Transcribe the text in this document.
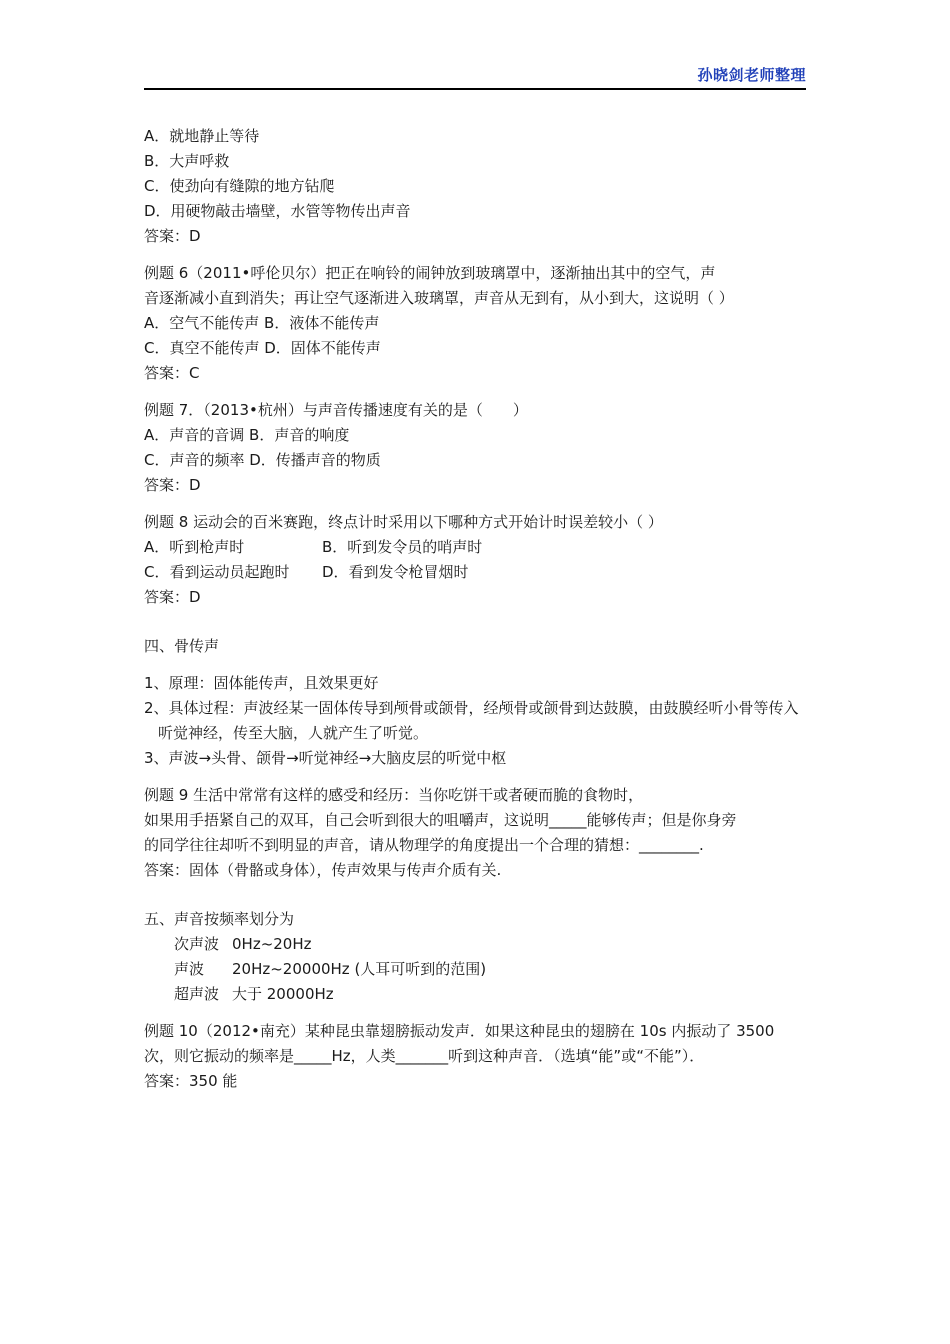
孙晓剑老师整理
A．就地静止等待
B．大声呼救
C．使劲向有缝隙的地方钻爬
D．用硬物敲击墙壁，水管等物传出声音
答案：D
例题 6（2011•呼伦贝尔）把正在响铃的闹钟放到玻璃罩中，逐渐抽出其中的空气，声
音逐渐减小直到消失；再让空气逐渐进入玻璃罩，声音从无到有，从小到大，这说明（ ）
A．空气不能传声 B．液体不能传声
C．真空不能传声 D．固体不能传声
答案：C
例题 7．（2013•杭州）与声音传播速度有关的是（　　）
A．声音的音调 B．声音的响度
C．声音的频率 D．传播声音的物质
答案：D
例题 8 运动会的百米赛跑，终点计时采用以下哪种方式开始计时误差较小（ ）
A．听到枪声时	B．听到发令员的哨声时
C．看到运动员起跑时	D．看到发令枪冒烟时
答案：D
四、骨传声
1、原理：固体能传声，且效果更好
2、具体过程：声波经某一固体传导到颅骨或颌骨，经颅骨或颌骨到达鼓膜，由鼓膜经听小骨等传入听觉神经，传至大脑，人就产生了听觉。
3、声波→头骨、颌骨→听觉神经→大脑皮层的听觉中枢
例题 9 生活中常常有这样的感受和经历：当你吃饼干或者硬而脆的食物时，
如果用手捂紧自己的双耳，自己会听到很大的咀嚼声，这说明_____能够传声；但是你身旁
的同学往往却听不到明显的声音，请从物理学的角度提出一个合理的猜想：________.
答案：固体（骨骼或身体），传声效果与传声介质有关.
五、声音按频率划分为
次声波 0Hz~20Hz
声波	20Hz~20000Hz (人耳可听到的范围)
超声波 大于 20000Hz
例题 10（2012•南充）某种昆虫靠翅膀振动发声．如果这种昆虫的翅膀在 10s 内振动了 3500
次，则它振动的频率是_____Hz，人类_______听到这种声音．（选填“能”或“不能”）．
答案：350 能
